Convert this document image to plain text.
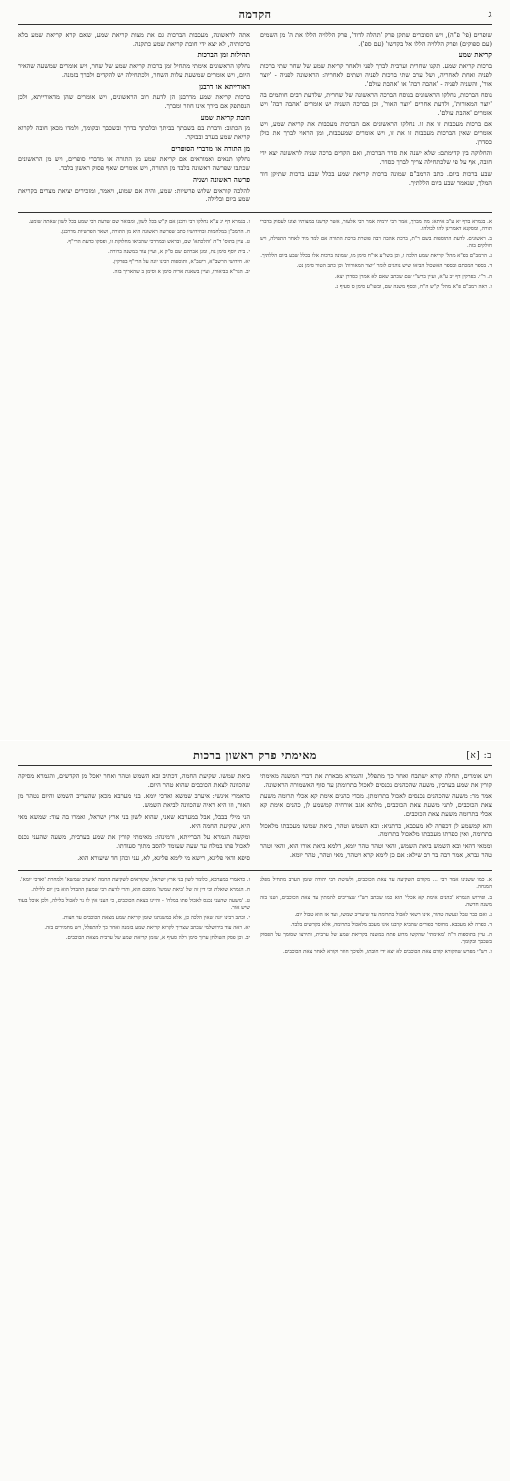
ג
הקדמה

שופרים (פי' פ"ה), ויש הסוברים שתקן פרק 'תהלה לדוד', פרק הללויה הללו את ה' מן השמים (עם ספוקים) ופרק הללויה הללו אל בקדשו' (עם ספ').

קריאת שמע

ברכות קריאת שמע. תקנו שחרית וערבית לברך לפני ולאחר קריאת שמע של שחר שתי ברכות לפניה ואחת לאחריה, ושל ערב שתי ברכות לפניה ושתים לאחריה: הראשונה לפניה - 'יוצר אור', והשניה לפניה - 'אהבה רבה' או 'אהבת עולם'.

נוסח הברכות, נחלקו הראשונים בנוסח הברכה הראשונה של שחרית, שלדעת רבים חותמים בה 'יוצר המאורות', ולדעת אחרים 'יוצר האור', וכן בברכה השניה יש אומרים 'אהבה רבה' ויש אומרים 'אהבת עולם'.

אם ברכות מעכבות זו את זו. נחלקו הראשונים אם הברכות מעכבות את קריאת שמע, ויש אומרים שאין הברכות מעכבות זו את זו, ויש אומרים שמעכבות, ומן הראוי לברך את כולן כסדרן.

והחלוקה בין קדימתם: שלא ישנה את סדר הברכות, ואם הקדים ברכה שניה לראשונה יצא ידי חובה, אף על פי שלכתחילה צריך לברך כסדר.

שבע ברכות ביום. כתב הרמב"ם שמונה ברכות קריאת שמע בכלל שבע ברכות שתיקן דוד המלך, שנאמר שבע ביום הללתיך.

אתה לראשונה, מעכבות הברכות גם את מצות קריאת שמע, שאם קרא קריאת שמע בלא ברכותיה, לא יצא ידי חובת קריאת שמע כתקנה.

תהילות זמן הברכות

נחלקו הראשונים אימתי מתחיל זמן ברכות קריאת שמע של שחר, ויש אומרים שמשעה שהאיר היום, ויש אומרים שמשעת עלות השחר, ולכתחילה יש להקדים ולברך בזמנה.

דאורייתא או דרבנן

ברכות קריאת שמע מדרבנן הן לדעת רוב הראשונים, ויש אומרים שהן מדאורייתא, ולכן הנסתפק אם בירך אינו חוזר ומברך.

חובת קריאת שמע

מן הכתוב: ודברת בם בשבתך בביתך ובלכתך בדרך ובשכבך ובקומך, ולמדו מכאן חובה לקרוא קריאת שמע בערב ובבוקר.

מן התורה או מדברי הסופרים

נחלקו תנאים ואמוראים אם קריאת שמע מן התורה או מדברי סופרים, ויש מן הראשונים שכתבו שפרשה ראשונה בלבד מן התורה, ויש אומרים שאף פסוק ראשון בלבד.

פרשה ראשונה ושניה

להלכה קוראים שלוש פרשיות: שמע, והיה אם שמוע, ויאמר, ומזכירים יציאת מצרים בקריאת שמע ביום ובלילה.

א. בגמרא בדף יא ע"ב איתא: מה מברך, אמר רבי ירמיה אמר רבי אלעזר, אשר קדשנו במצותיו וצונו לעסוק בדברי תורה, ומסקנא דאמרינן להו לכולהו.

ב. ראשונים. לדעת התוספות בשם ר"ת, ברכת אהבה רבה פוטרת ברכת התורה אם למד מיד לאחר התפילה, ויש חולקים בזה.

ג. הרמב"ם בפ"א מהל' קריאת שמע הלכה ו, וכן בשו"ע או"ח סימן מו, שמונה ברכות אלו בכלל שבע ביום הללתיך.

ד. בספר המכתם ובספר האשכול הביאו שיש נוהגים לומר 'יוצר המאורות' וכן כתב הטור סימן נט.

ה. ר"י. בפרקין דף יב ע"א, ועיין ברש"י שם שכתב שאם לא אמרן כסדרן יצא.

ו. ראה רמב"ם פ"א מהל' ק"ש ה"ח, וכסף משנה שם, ובשו"ע סימן ס סעיף ג.

ז. בגמרא דף יג ע"א נחלקו רבי ורבנן אם ק"ש בכל לשון, ומבואר שם שדעת רבי שמע בכל לשון שאתה שומע.

ח. הרמב"ן במלחמות ובחידושיו כתב שפרשה ראשונה היא מן התורה, ושאר הפרשיות מדרבנן.

ט. עיין בתוס' ד"ה 'והלכתא' שם, ובראש ובמרדכי שהביאו מחלוקת זו, ופסקו כדעת הרי"ף.

י. בית יוסף סימן נח, ומגן אברהם שם ס"ק א, ועיין עוד במשנה ברורה.

יא. חידושי הרשב"א, ריטב"א, ותוספות רבינו יונה על הרי"ף בפרקין.

יב. הגר"א בביאורו, ועיין בשאגת אריה סימן א וסימן ב שהאריך בזה.

ב: [א]
מאימתי פרק ראשון ברכות

ויש אומרים, תחלה קורא ישתבח ואחר כך מתפלל, והגמרא מבארת את דברי המשנה מאימתי קורין את שמע בערבין, משעה שהכהנים נכנסים לאכול בתרומתן עד סוף האשמורה הראשונה.

אמר מר: משעה שהכהנים נכנסים לאכול בתרומתן. מכדי כהנים אימת קא אכלי תרומה משעת צאת הכוכבים, לתני משעת צאת הכוכבים, מלתא אגב אורחיה קמשמע לן, כהנים אימת קא אכלי בתרומה משעת צאת הכוכבים.

והא קמשמע לן דכפרה לא מעכבא, כדתניא: ובא השמש וטהר, ביאת שמשו מעכבתו מלאכול בתרומה, ואין כפרתו מעכבתו מלאכול בתרומה.

וממאי דהאי ובא השמש ביאת השמש, והאי וטהר טהר יומא, דלמא ביאת אורו הוא, והאי וטהר טהר גברא, אמר רבה בר רב שילא: אם כן לימא קרא ויטהר, מאי וטהר, טהר יומא.

ביאת שמשו. שקיעת החמה, דכתיב ובא השמש וטהר ואחר יאכל מן הקדשים, והגמרא מסיקה שהכוונה לצאת הכוכבים שהוא טהר היום.

כדאמרי אינשי: איערב שמשא ואדכי יומא. בני מערבא מכאן שהעריב השמש והיום נטהר מן האור, וזו היא ראיה שהכוונה לביאת השמש.

הני מילי בבבל, אבל במערבא שאני, שהוא לשון בני ארץ ישראל, ואמרו בה עוד: שמשא מאי היא, שקיעת החמה היא.

ומקשה הגמרא על הברייתא, ורמינהו: מאימתי קורין את שמע בערבית, משעה שהעני נכנס לאכול פתו במלח עד שעה שעומד להסב מתוך סעודתו.

סיפא ודאי פליגא, רישא מי לימא פליגא, לא, עני וכהן חד שיעורא הוא.

א. כמו ששנינו אמר רבי ... מקודם השקיעה עד צאת הכוכבים, ולשיטת רבי יהודה שזמן הערב מתחיל מפלג המנחה.

ב. ופירוש הגמרא 'כהנים אימת קא אכלי' הוא כמו שכתב רש"י שצריכים להמתין עד צאת הכוכבים, ושנו בזה משנה חדשה.

ג. ואם כבר טבל ונעשה טהור, אינו רשאי לאכול בתרומה עד שיעריב שמשו, ועד אז הוא טבול יום.

ד. כפרה לא מעכבא. מחוסר כפורים שהביא קרבנו אינו מעכב מלאכול בתרומה, אלא בקדשים בלבד.

ה. עיין בתוספות ד"ה 'מאימתי' שהקשו מדוע פתח במשנה בקריאת שמע של ערבית, ותירצו שסומך על הפסוק בשכבך ובקומך.

ו. רש"י מפרש שהקורא קודם צאת הכוכבים לא יצא ידי חובתו, ולפיכך חוזר וקורא לאחר צאת הכוכבים.

ז. כדאמרי במערבא, כלומר לשון בני ארץ ישראל, שקוראים לשקיעת החמה 'איערב שמשא' ולמחרת 'ואדכי יומא'.

ח. הגמרא שואלת וכי דין זה של 'ביאת שמשו' מוסכם הוא, והרי לדעת רבי שמעון ההבדל הוא בין יום ללילה.

ט. 'משעה שהעני נכנס לאכול פתו במלח' - והיינו בצאת הכוכבים, כי העני אין לו נר לאכול בלילה, ולכן אוכל בעוד שיש אור.

י. וכתב רבינו יונה שאין הלכה כן, אלא כמשנתנו שזמן קריאת שמע מצאת הכוכבים עד חצות.

יא. ראה עוד בירושלמי שכתב שצריך לקרוא קריאת שמע בזמנה ואחר כך להתפלל, ויש מחמירים בזה.

יב. וכן פסק השולחן ערוך סימן רלה סעיף א, שזמן קריאת שמע של ערבית מצאת הכוכבים.
